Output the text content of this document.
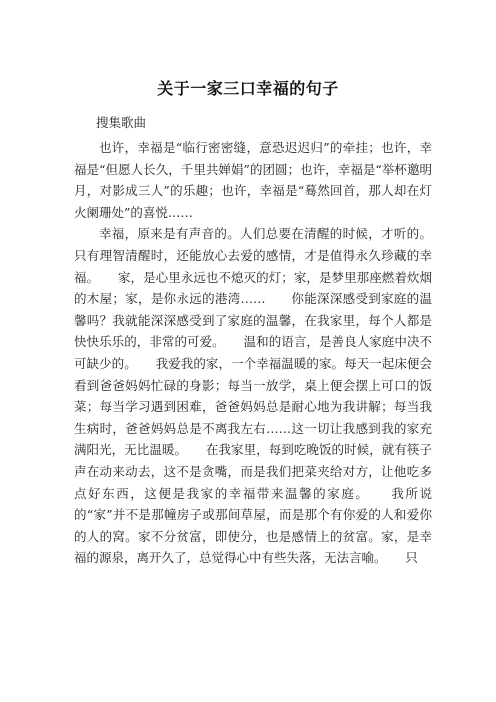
关于一家三口幸福的句子
搜集歌曲

也许，幸福是“临行密密缝，意恐迟迟归”的牵挂；也许，幸福是“但愿人长久，千里共婵娟”的团圆；也许，幸福是“举杯邀明月，对影成三人”的乐趣；也许，幸福是“蓦然回首，那人却在灯火阑珊处”的喜悦……

幸福，原来是有声音的。人们总要在清醒的时候，才听的。只有理智清醒时，还能放心去爱的感情，才是值得永久珍藏的幸福。　　家，是心里永远也不熄灭的灯；家，是梦里那座燃着炊烟的木屋；家，是你永远的港湾……　　你能深深感受到家庭的温馨吗？我就能深深感受到了家庭的温馨，在我家里，每个人都是快快乐乐的，非常的可爱。　　温和的语言，是善良人家庭中决不可缺少的。　　我爱我的家，一个幸福温暖的家。每天一起床便会看到爸爸妈妈忙碌的身影；每当一放学，桌上便会摆上可口的饭菜；每当学习遇到困难，爸爸妈妈总是耐心地为我讲解；每当我生病时，爸爸妈妈总是不离我左右……这一切让我感到我的家充满阳光，无比温暖。　　在我家里，每到吃晚饭的时候，就有筷子声在动来动去，这不是贪嘴，而是我们把菜夹给对方，让他吃多点好东西，这便是我家的幸福带来温馨的家庭。　　我所说的“家”并不是那幢房子或那间草屋，而是那个有你爱的人和爱你的人的窝。家不分贫富，即使分，也是感情上的贫富。家，是幸福的源泉，离开久了，总觉得心中有些失落，无法言喻。　　只
